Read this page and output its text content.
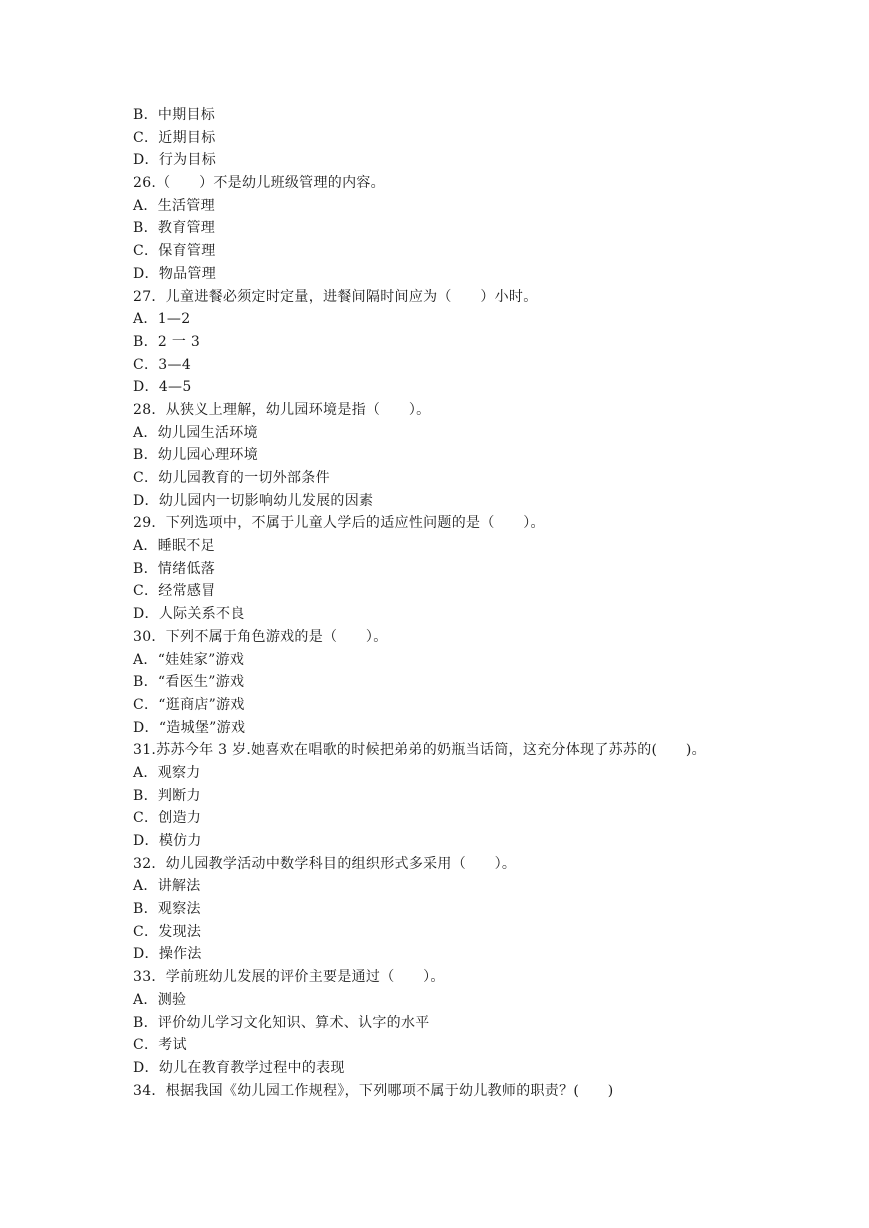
B．中期目标
C．近期目标
D．行为目标
26.（　　）不是幼儿班级管理的内容。
A．生活管理
B．教育管理
C．保育管理
D．物品管理
27．儿童进餐必须定时定量，进餐间隔时间应为（　　）小时。
A．1—2
B．2 一 3
C．3—4
D．4—5
28．从狭义上理解，幼儿园环境是指（　　）。
A．幼儿园生活环境
B．幼儿园心理环境
C．幼儿园教育的一切外部条件
D．幼儿园内一切影响幼儿发展的因素
29．下列选项中，不属于儿童人学后的适应性问题的是（　　）。
A．睡眠不足
B．情绪低落
C．经常感冒
D．人际关系不良
30．下列不属于角色游戏的是（　　）。
A．“娃娃家”游戏
B．“看医生”游戏
C．“逛商店”游戏
D．“造城堡”游戏
31.苏苏今年 3 岁.她喜欢在唱歌的时候把弟弟的奶瓶当话筒，这充分体现了苏苏的(　　)。
A．观察力
B．判断力
C．创造力
D．模仿力
32．幼儿园教学活动中数学科目的组织形式多采用（　　）。
A．讲解法
B．观察法
C．发现法
D．操作法
33．学前班幼儿发展的评价主要是通过（　　）。
A．测验
B．评价幼儿学习文化知识、算术、认字的水平
C．考试
D．幼儿在教育教学过程中的表现
34．根据我国《幼儿园工作规程》，下列哪项不属于幼儿教师的职责？(　　)
